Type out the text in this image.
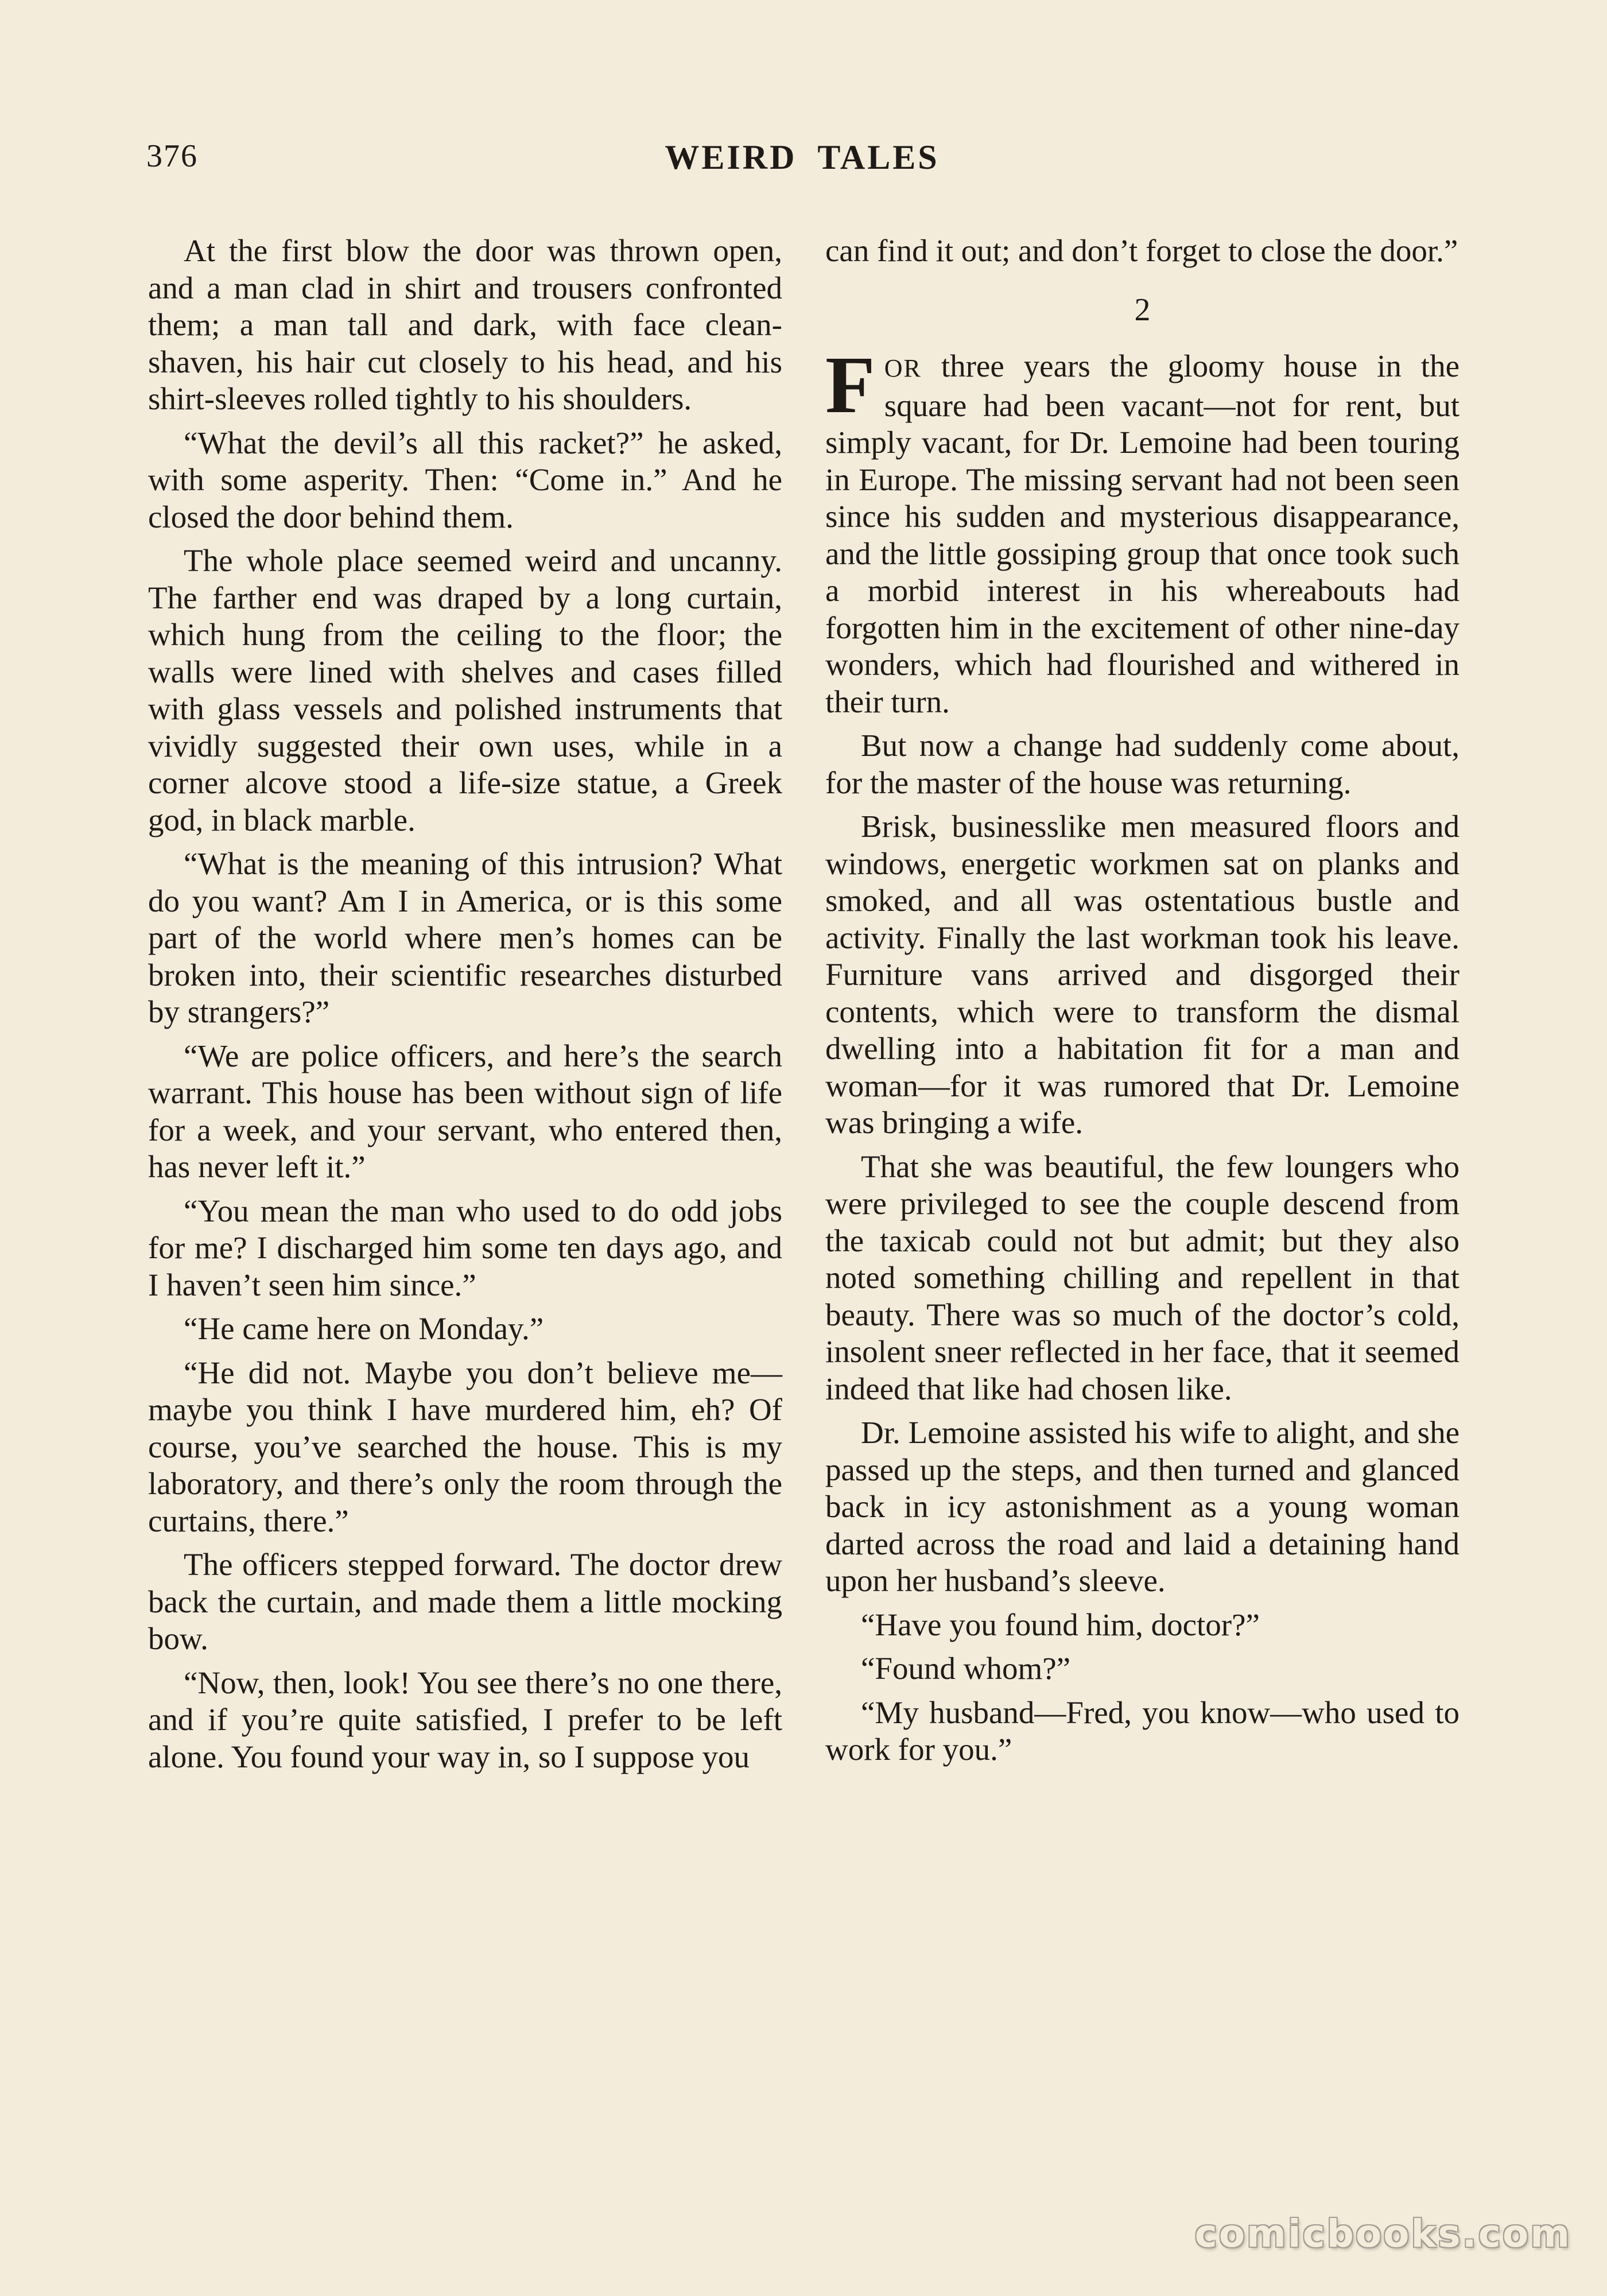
376	WEIRD TALES

At the first blow the door was thrown open, and a man clad in shirt and trousers confronted them; a man tall and dark, with face clean-shaven, his hair cut closely to his head, and his shirt-sleeves rolled tightly to his shoulders.

“What the devil’s all this racket?” he asked, with some asperity. Then: “Come in.” And he closed the door behind them.

The whole place seemed weird and uncanny. The farther end was draped by a long curtain, which hung from the ceiling to the floor; the walls were lined with shelves and cases filled with glass vessels and polished instruments that vividly suggested their own uses, while in a corner alcove stood a life-size statue, a Greek god, in black marble.

“What is the meaning of this intrusion? What do you want? Am I in America, or is this some part of the world where men’s homes can be broken into, their scientific researches disturbed by strangers?”

“We are police officers, and here’s the search warrant. This house has been without sign of life for a week, and your servant, who entered then, has never left it.”

“You mean the man who used to do odd jobs for me? I discharged him some ten days ago, and I haven’t seen him since.”

“He came here on Monday.”

“He did not. Maybe you don’t believe me—maybe you think I have murdered him, eh? Of course, you’ve searched the house. This is my laboratory, and there’s only the room through the curtains, there.”

The officers stepped forward. The doctor drew back the curtain, and made them a little mocking bow.

“Now, then, look! You see there’s no one there, and if you’re quite satisfied, I prefer to be left alone. You found your way in, so I suppose you

can find it out; and don’t forget to close the door.”

2

FOR three years the gloomy house in the square had been vacant—not for rent, but simply vacant, for Dr. Lemoine had been touring in Europe. The missing servant had not been seen since his sudden and mysterious disappearance, and the little gossiping group that once took such a morbid interest in his whereabouts had forgotten him in the excitement of other nine-day wonders, which had flourished and withered in their turn.

But now a change had suddenly come about, for the master of the house was returning.

Brisk, businesslike men measured floors and windows, energetic workmen sat on planks and smoked, and all was ostentatious bustle and activity. Finally the last workman took his leave. Furniture vans arrived and disgorged their contents, which were to transform the dismal dwelling into a habitation fit for a man and woman—for it was rumored that Dr. Lemoine was bringing a wife.

That she was beautiful, the few loungers who were privileged to see the couple descend from the taxicab could not but admit; but they also noted something chilling and repellent in that beauty. There was so much of the doctor’s cold, insolent sneer reflected in her face, that it seemed indeed that like had chosen like.

Dr. Lemoine assisted his wife to alight, and she passed up the steps, and then turned and glanced back in icy astonishment as a young woman darted across the road and laid a detaining hand upon her husband’s sleeve.

“Have you found him, doctor?”

“Found whom?”

“My husband—Fred, you know—who used to work for you.”

comicbooks.com
